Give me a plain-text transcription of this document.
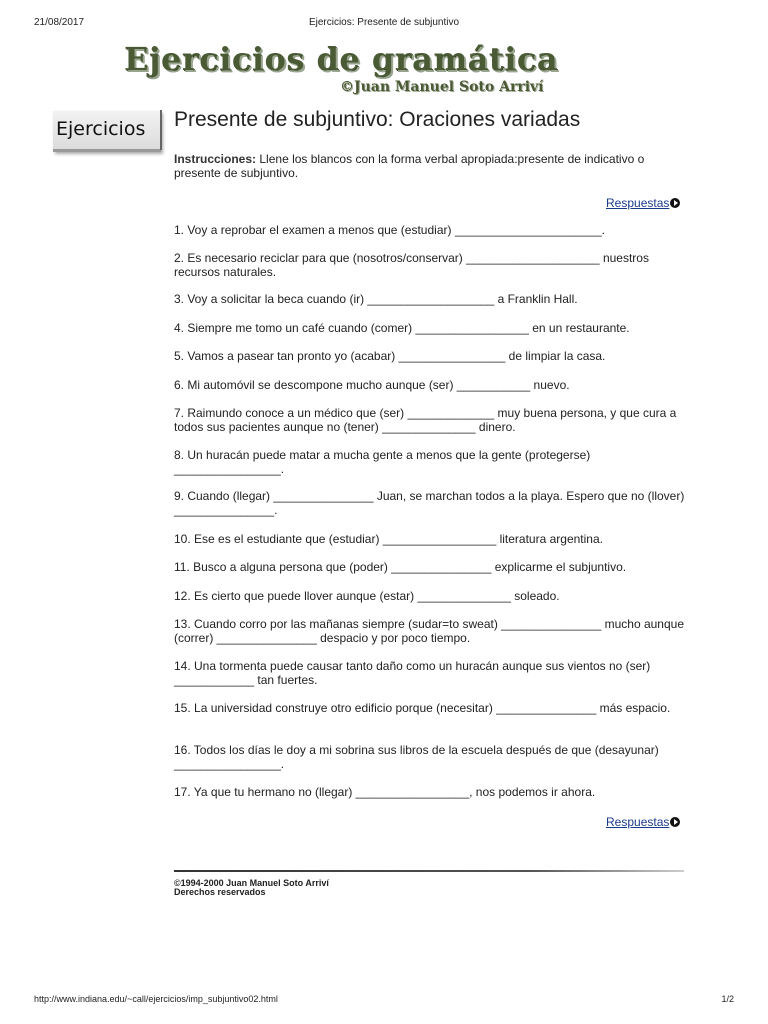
21/08/2017	Ejercicios: Presente de subjuntivo
Ejercicios de gramática
©Juan Manuel Soto Arriví
Ejercicios Presente de subjuntivo: Oraciones variadas
Instrucciones: Llene los blancos con la forma verbal apropiada:presente de indicativo o presente de subjuntivo.
Respuestas
1. Voy a reprobar el examen a menos que (estudiar) ______________________.
2. Es necesario reciclar para que (nosotros/conservar) ____________________ nuestros recursos naturales.
3. Voy a solicitar la beca cuando (ir) ___________________ a Franklin Hall.
4. Siempre me tomo un café cuando (comer) _________________ en un restaurante.
5. Vamos a pasear tan pronto yo (acabar) ________________ de limpiar la casa.
6. Mi automóvil se descompone mucho aunque (ser) ___________ nuevo.
7. Raimundo conoce a un médico que (ser) _____________ muy buena persona, y que cura a todos sus pacientes aunque no (tener) ______________ dinero.
8. Un huracán puede matar a mucha gente a menos que la gente (protegerse) ________________.
9. Cuando (llegar) _______________ Juan, se marchan todos a la playa. Espero que no (llover) _______________.
10. Ese es el estudiante que (estudiar) _________________ literatura argentina.
11. Busco a alguna persona que (poder) _______________ explicarme el subjuntivo.
12. Es cierto que puede llover aunque (estar) ______________ soleado.
13. Cuando corro por las mañanas siempre (sudar=to sweat) _______________ mucho aunque (correr) _______________ despacio y por poco tiempo.
14. Una tormenta puede causar tanto daño como un huracán aunque sus vientos no (ser) ____________ tan fuertes.
15. La universidad construye otro edificio porque (necesitar) _______________ más espacio.
16. Todos los días le doy a mi sobrina sus libros de la escuela después de que (desayunar) ________________.
17. Ya que tu hermano no (llegar) _________________, nos podemos ir ahora.
Respuestas
©1994-2000 Juan Manuel Soto Arriví
Derechos reservados
http://www.indiana.edu/~call/ejercicios/imp_subjuntivo02.html	1/2
